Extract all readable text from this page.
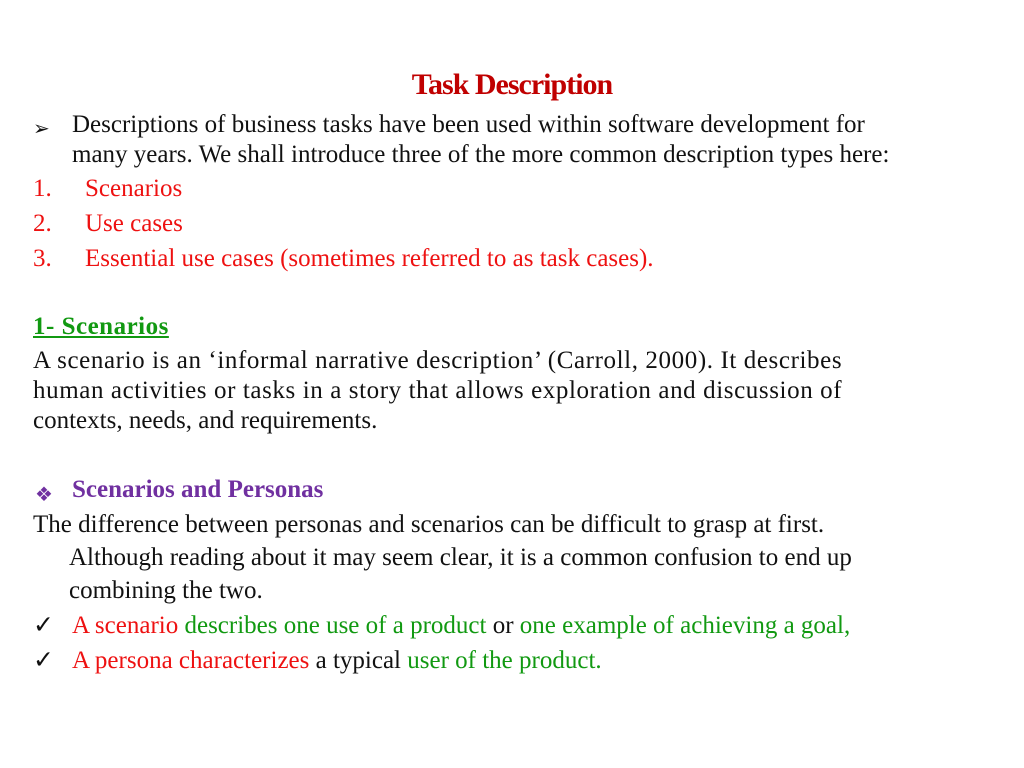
Task Description
➢ Descriptions of business tasks have been used within software development for
many years. We shall introduce three of the more common description types here:
1. Scenarios
2. Use cases
3. Essential use cases (sometimes referred to as task cases).
1- Scenarios
A scenario is an ‘informal narrative description’ (Carroll, 2000). It describes
human activities or tasks in a story that allows exploration and discussion of
contexts, needs, and requirements.
❖ Scenarios and Personas
The difference between personas and scenarios can be difficult to grasp at first.
Although reading about it may seem clear, it is a common confusion to end up
combining the two.
✓ A scenario describes one use of a product or one example of achieving a goal,
✓ A persona characterizes a typical user of the product.
